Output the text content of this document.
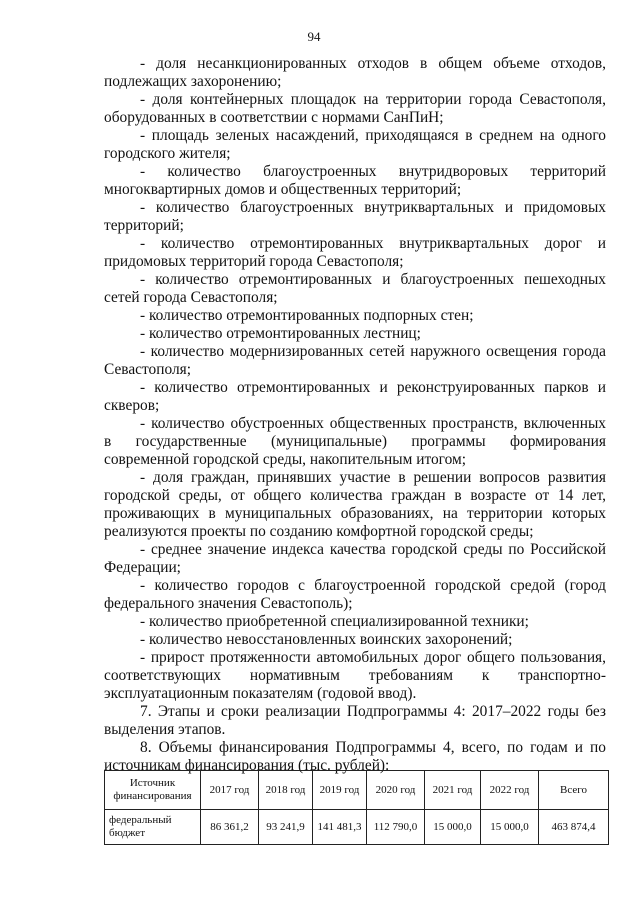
94

- доля несанкционированных отходов в общем объеме отходов, подлежащих захоронению;

- доля контейнерных площадок на территории города Севастополя, оборудованных в соответствии с нормами СанПиН;

- площадь зеленых насаждений, приходящаяся в среднем на одного городского жителя;

- количество благоустроенных внутридворовых территорий многоквартирных домов и общественных территорий;

- количество благоустроенных внутриквартальных и придомовых территорий;

- количество отремонтированных внутриквартальных дорог и придомовых территорий города Севастополя;

- количество отремонтированных и благоустроенных пешеходных сетей города Севастополя;

- количество отремонтированных подпорных стен;

- количество отремонтированных лестниц;

- количество модернизированных сетей наружного освещения города Севастополя;

- количество отремонтированных и реконструированных парков и скверов;

- количество обустроенных общественных пространств, включенных в государственные (муниципальные) программы формирования современной городской среды, накопительным итогом;

- доля граждан, принявших участие в решении вопросов развития городской среды, от общего количества граждан в возрасте от 14 лет, проживающих в муниципальных образованиях, на территории которых реализуются проекты по созданию комфортной городской среды;

- среднее значение индекса качества городской среды по Российской Федерации;

- количество городов с благоустроенной городской средой (город федерального значения Севастополь);

- количество приобретенной специализированной техники;

- количество невосстановленных воинских захоронений;

- прирост протяженности автомобильных дорог общего пользования, соответствующих нормативным требованиям к транспортно-эксплуатационным показателям (годовой ввод).

7. Этапы и сроки реализации Подпрограммы 4: 2017–2022 годы без выделения этапов.

8. Объемы финансирования Подпрограммы 4, всего, по годам и по источникам финансирования (тыс. рублей):

Источник финансирования	2017 год	2018 год	2019 год	2020 год	2021 год	2022 год	Всего
федеральный бюджет	86 361,2	93 241,9	141 481,3	112 790,0	15 000,0	15 000,0	463 874,4
